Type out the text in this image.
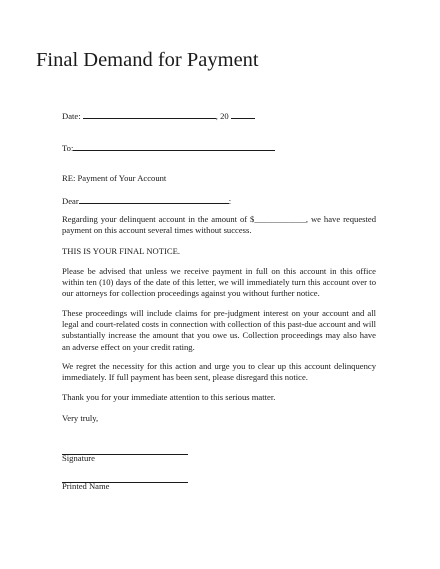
Final Demand for Payment
Date:	, 20
To:
RE: Payment of Your Account
Dear	:
Regarding your delinquent account in the amount of $____________, we have requested payment on this account several times without success.
THIS IS YOUR FINAL NOTICE.
Please be advised that unless we receive payment in full on this account in this office within ten (10) days of the date of this letter, we will immediately turn this account over to our attorneys for collection proceedings against you without further notice.
These proceedings will include claims for pre-judgment interest on your account and all legal and court-related costs in connection with collection of this past-due account and will substantially increase the amount that you owe us. Collection proceedings may also have an adverse effect on your credit rating.
We regret the necessity for this action and urge you to clear up this account delinquency immediately. If full payment has been sent, please disregard this notice.
Thank you for your immediate attention to this serious matter.
Very truly,
Signature
Printed Name
